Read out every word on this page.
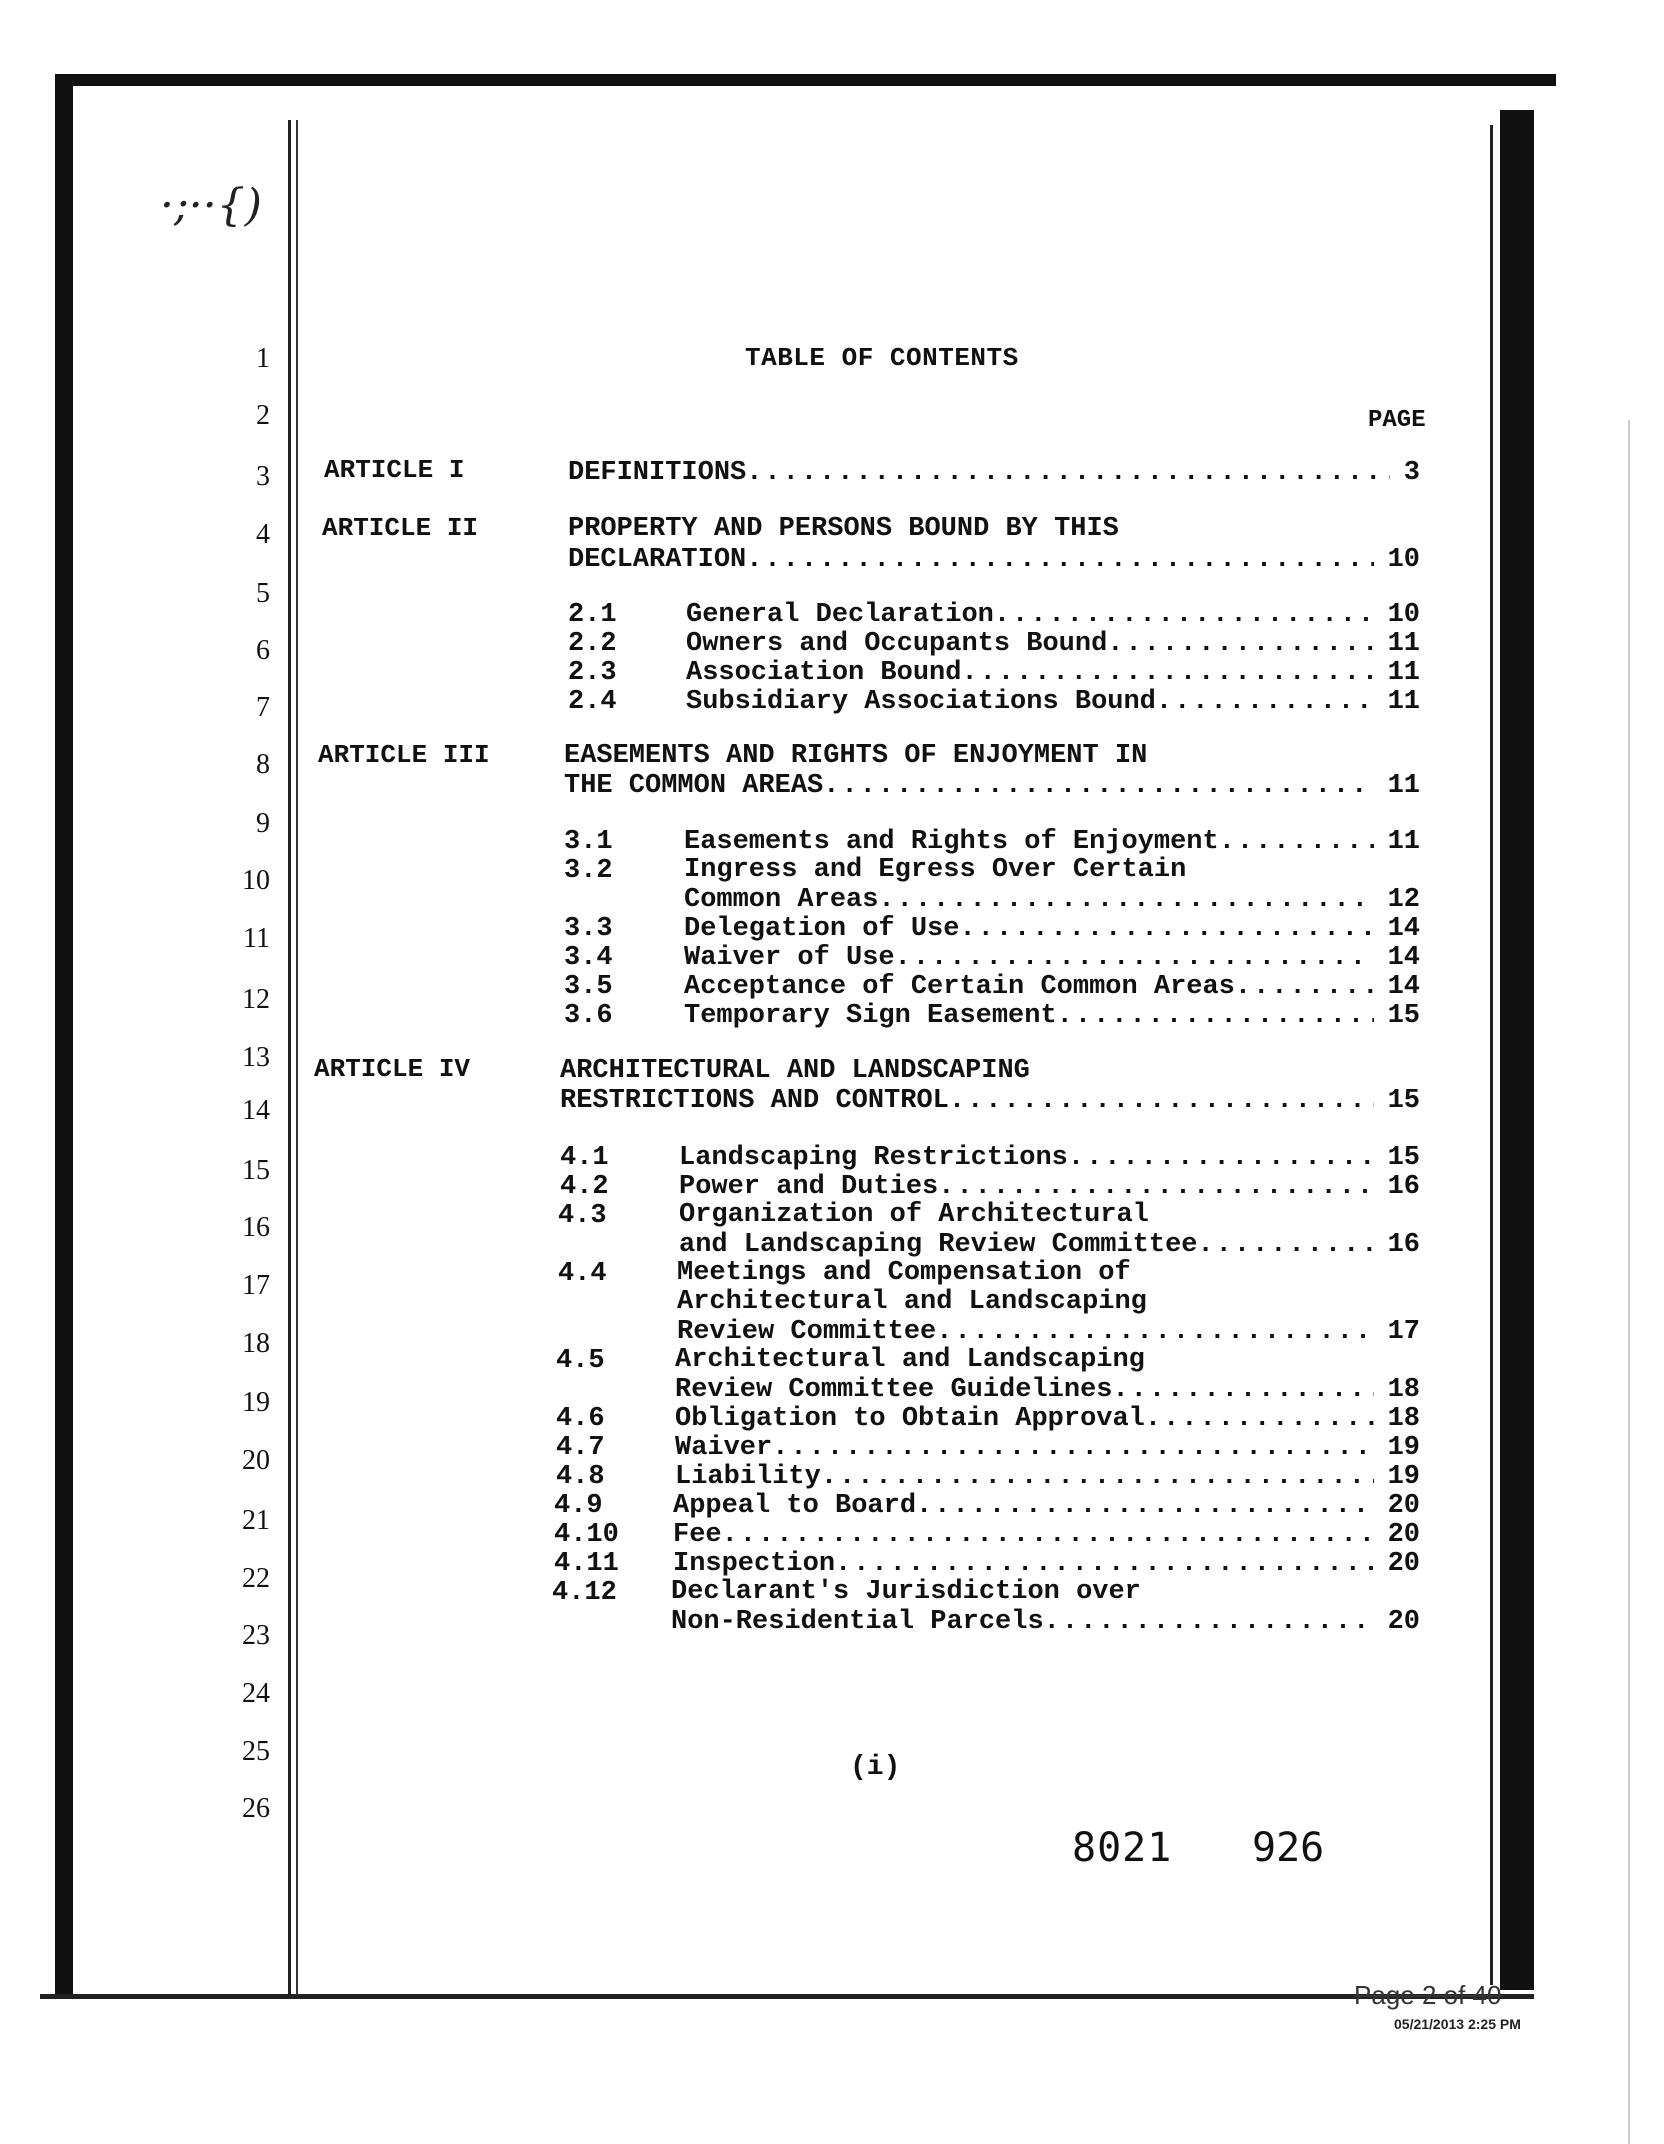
·;··{)
1
2
3
4
5
6
7
8
9
10
11
12
13
14
15
16
17
18
19
20
21
22
23
24
25
26
TABLE OF CONTENTS
PAGE
ARTICLE I	DEFINITIONS .....	3
ARTICLE II	PROPERTY AND PERSONS BOUND BY THIS
DECLARATION .....	10
2.1	General Declaration .....	10
2.2	Owners and Occupants Bound .....	11
2.3	Association Bound .....	11
2.4	Subsidiary Associations Bound .....	11
ARTICLE III	EASEMENTS AND RIGHTS OF ENJOYMENT IN
THE COMMON AREAS .....	11
3.1	Easements and Rights of Enjoyment .....	11
3.2	Ingress and Egress Over Certain
Common Areas .....	12
3.3	Delegation of Use .....	14
3.4	Waiver of Use .....	14
3.5	Acceptance of Certain Common Areas .....	14
3.6	Temporary Sign Easement .....	15
ARTICLE IV	ARCHITECTURAL AND LANDSCAPING
RESTRICTIONS AND CONTROL .....	15
4.1	Landscaping Restrictions .....	15
4.2	Power and Duties .....	16
4.3	Organization of Architectural
and Landscaping Review Committee .....	16
4.4	Meetings and Compensation of
Architectural and Landscaping
Review Committee .....	17
4.5	Architectural and Landscaping
Review Committee Guidelines .....	18
4.6	Obligation to Obtain Approval .....	18
4.7	Waiver .....	19
4.8	Liability .....	19
4.9	Appeal to Board .....	20
4.10 Fee .....	20
4.11 Inspection .....	20
4.12 Declarant's Jurisdiction over
Non-Residential Parcels .....	20
(i)
8021 926
Page 2 of 40
05/21/2013 2:25 PM
